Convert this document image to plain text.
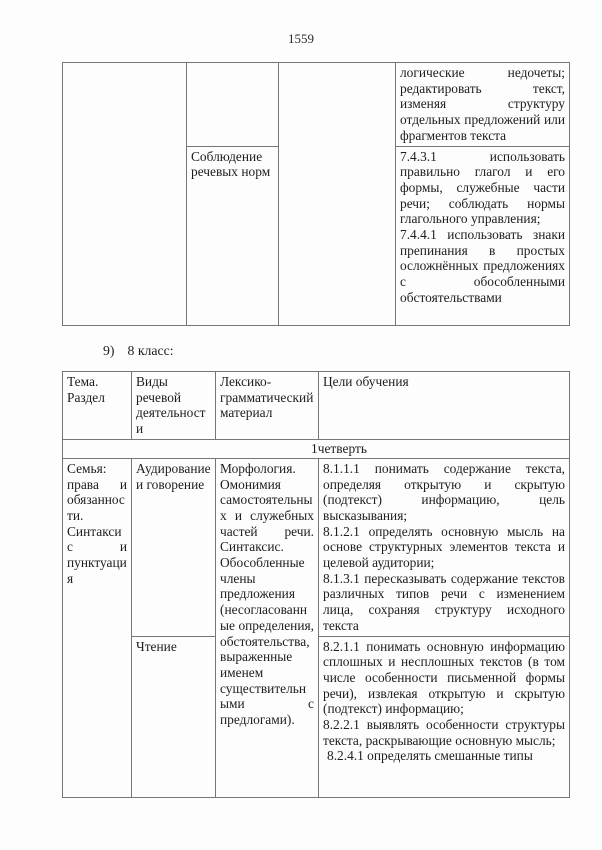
1559

			логические недочеты; редактировать текст, изменяя структуру отдельных предложений или фрагментов текста

	Соблюдение речевых норм		7.4.3.1 использовать правильно глагол и его формы, служебные части речи; соблюдать нормы глагольного управления;

7.4.4.1 использовать знаки препинания в простых осложнённых предложениях с обособленными обстоятельствами

9) 8 класс:

Тема. Раздел	Виды речевой деятельности	Лексико-грамматический материал	Цели обучения

1четверть			

Семья: права и обязанности. Синтаксис и пунктуация	Аудирование и говорение	Морфология. Омонимия самостоятельных и служебных частей речи. Синтаксис. Обособленные члены предложения (несогласованные определения, обстоятельства, выраженные именем существительными с предлогами).	8.1.1.1 понимать содержание текста, определяя открытую и скрытую (подтекст) информацию, цель высказывания;

8.1.2.1 определять основную мысль на основе структурных элементов текста и целевой аудитории;

8.1.3.1 пересказывать содержание текстов различных типов речи с изменением лица, сохраняя структуру исходного текста

	Чтение		8.2.1.1 понимать основную информацию сплошных и несплошных текстов (в том числе особенности письменной формы речи), извлекая открытую и скрытую (подтекст) информацию;

8.2.2.1 выявлять особенности структуры текста, раскрывающие основную мысль;

8.2.4.1 определять смешанные типы
